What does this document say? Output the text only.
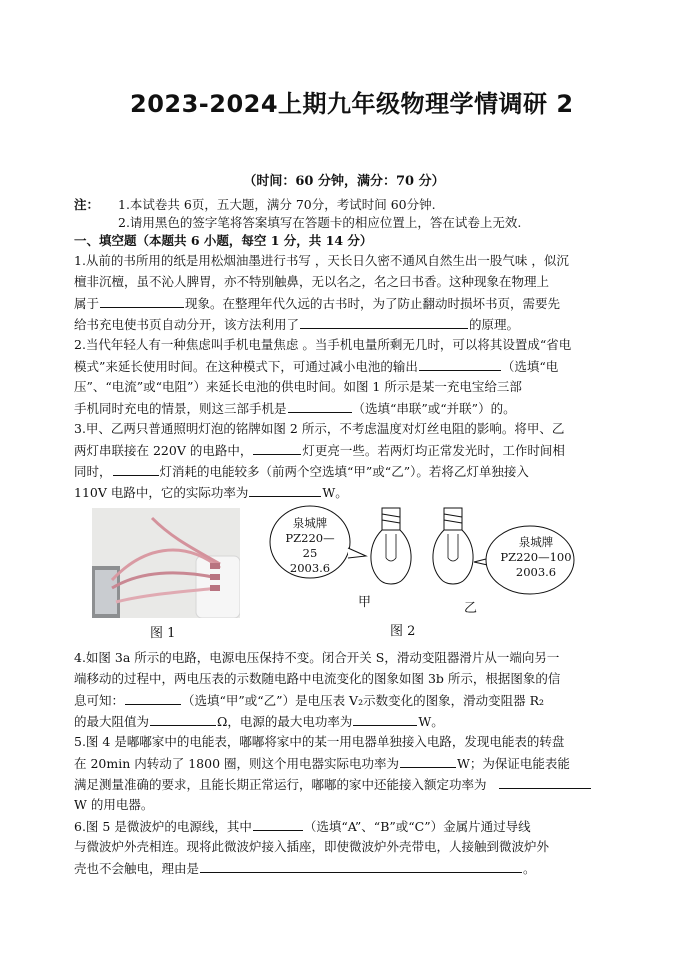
2023-2024上期九年级物理学情调研 2
（时间：60 分钟，满分：70 分）
注： 1.本试卷共 6页，五大题，满分 70分，考试时间 60分钟.
2.请用黑色的签字笔将答案填写在答题卡的相应位置上，答在试卷上无效.
一、填空题（本题共 6 小题，每空 1 分，共 14 分）
1.从前的书所用的纸是用松烟油墨进行书写 ，天长日久密不通风自然生出一股气味 ，似沉
檀非沉檀，虽不沁人脾胃，亦不特别触鼻，无以名之，名之曰书香。这种现象在物理上
属于	现象。在整理年代久远的古书时，为了防止翻动时损坏书页，需要先
给书充电使书页自动分开，该方法利用了	的原理。
2.当代年轻人有一种焦虑叫手机电量焦虑 。当手机电量所剩无几时，可以将其设置成“省电
模式”来延长使用时间。在这种模式下，可通过减小电池的输出	（选填“电
压”、“电流”或“电阻”）来延长电池的供电时间。如图 1 所示是某一充电宝给三部
手机同时充电的情景，则这三部手机是	（选填“串联”或“并联”）的。
3.甲、乙两只普通照明灯泡的铭牌如图 2 所示，不考虑温度对灯丝电阻的影响。将甲、乙
两灯串联接在 220V 的电路中，	灯更亮一些。若两灯均正常发光时，工作时间相
同时，	灯消耗的电能较多（前两个空选填“甲”或“乙”）。若将乙灯单独接入
110V 电路中，它的实际功率为	W。
图 1
泉城牌
PZ220—25
2003.6
泉城牌
PZ220—100
2003.6
甲	乙
图 2
4.如图 3a 所示的电路，电源电压保持不变。闭合开关 S，滑动变阻器滑片从一端向另一
端移动的过程中，两电压表的示数随电路中电流变化的图象如图 3b 所示，根据图象的信
息可知：	（选填“甲”或“乙”）是电压表 V₂示数变化的图象，滑动变阻器 R₂
的最大阻值为	Ω，电源的最大电功率为	W。
5.图 4 是嘟嘟家中的电能表，嘟嘟将家中的某一用电器单独接入电路，发现电能表的转盘
在 20min 内转动了 1800 圈，则这个用电器实际电功率为	W；为保证电能表能
满足测量准确的要求，且能长期正常运行，嘟嘟的家中还能接入额定功率为
W 的用电器。
6.图 5 是微波炉的电源线，其中	（选填“A”、“B”或“C”）金属片通过导线
与微波炉外壳相连。现将此微波炉接入插座，即使微波炉外壳带电，人接触到微波炉外
壳也不会触电，理由是	。
